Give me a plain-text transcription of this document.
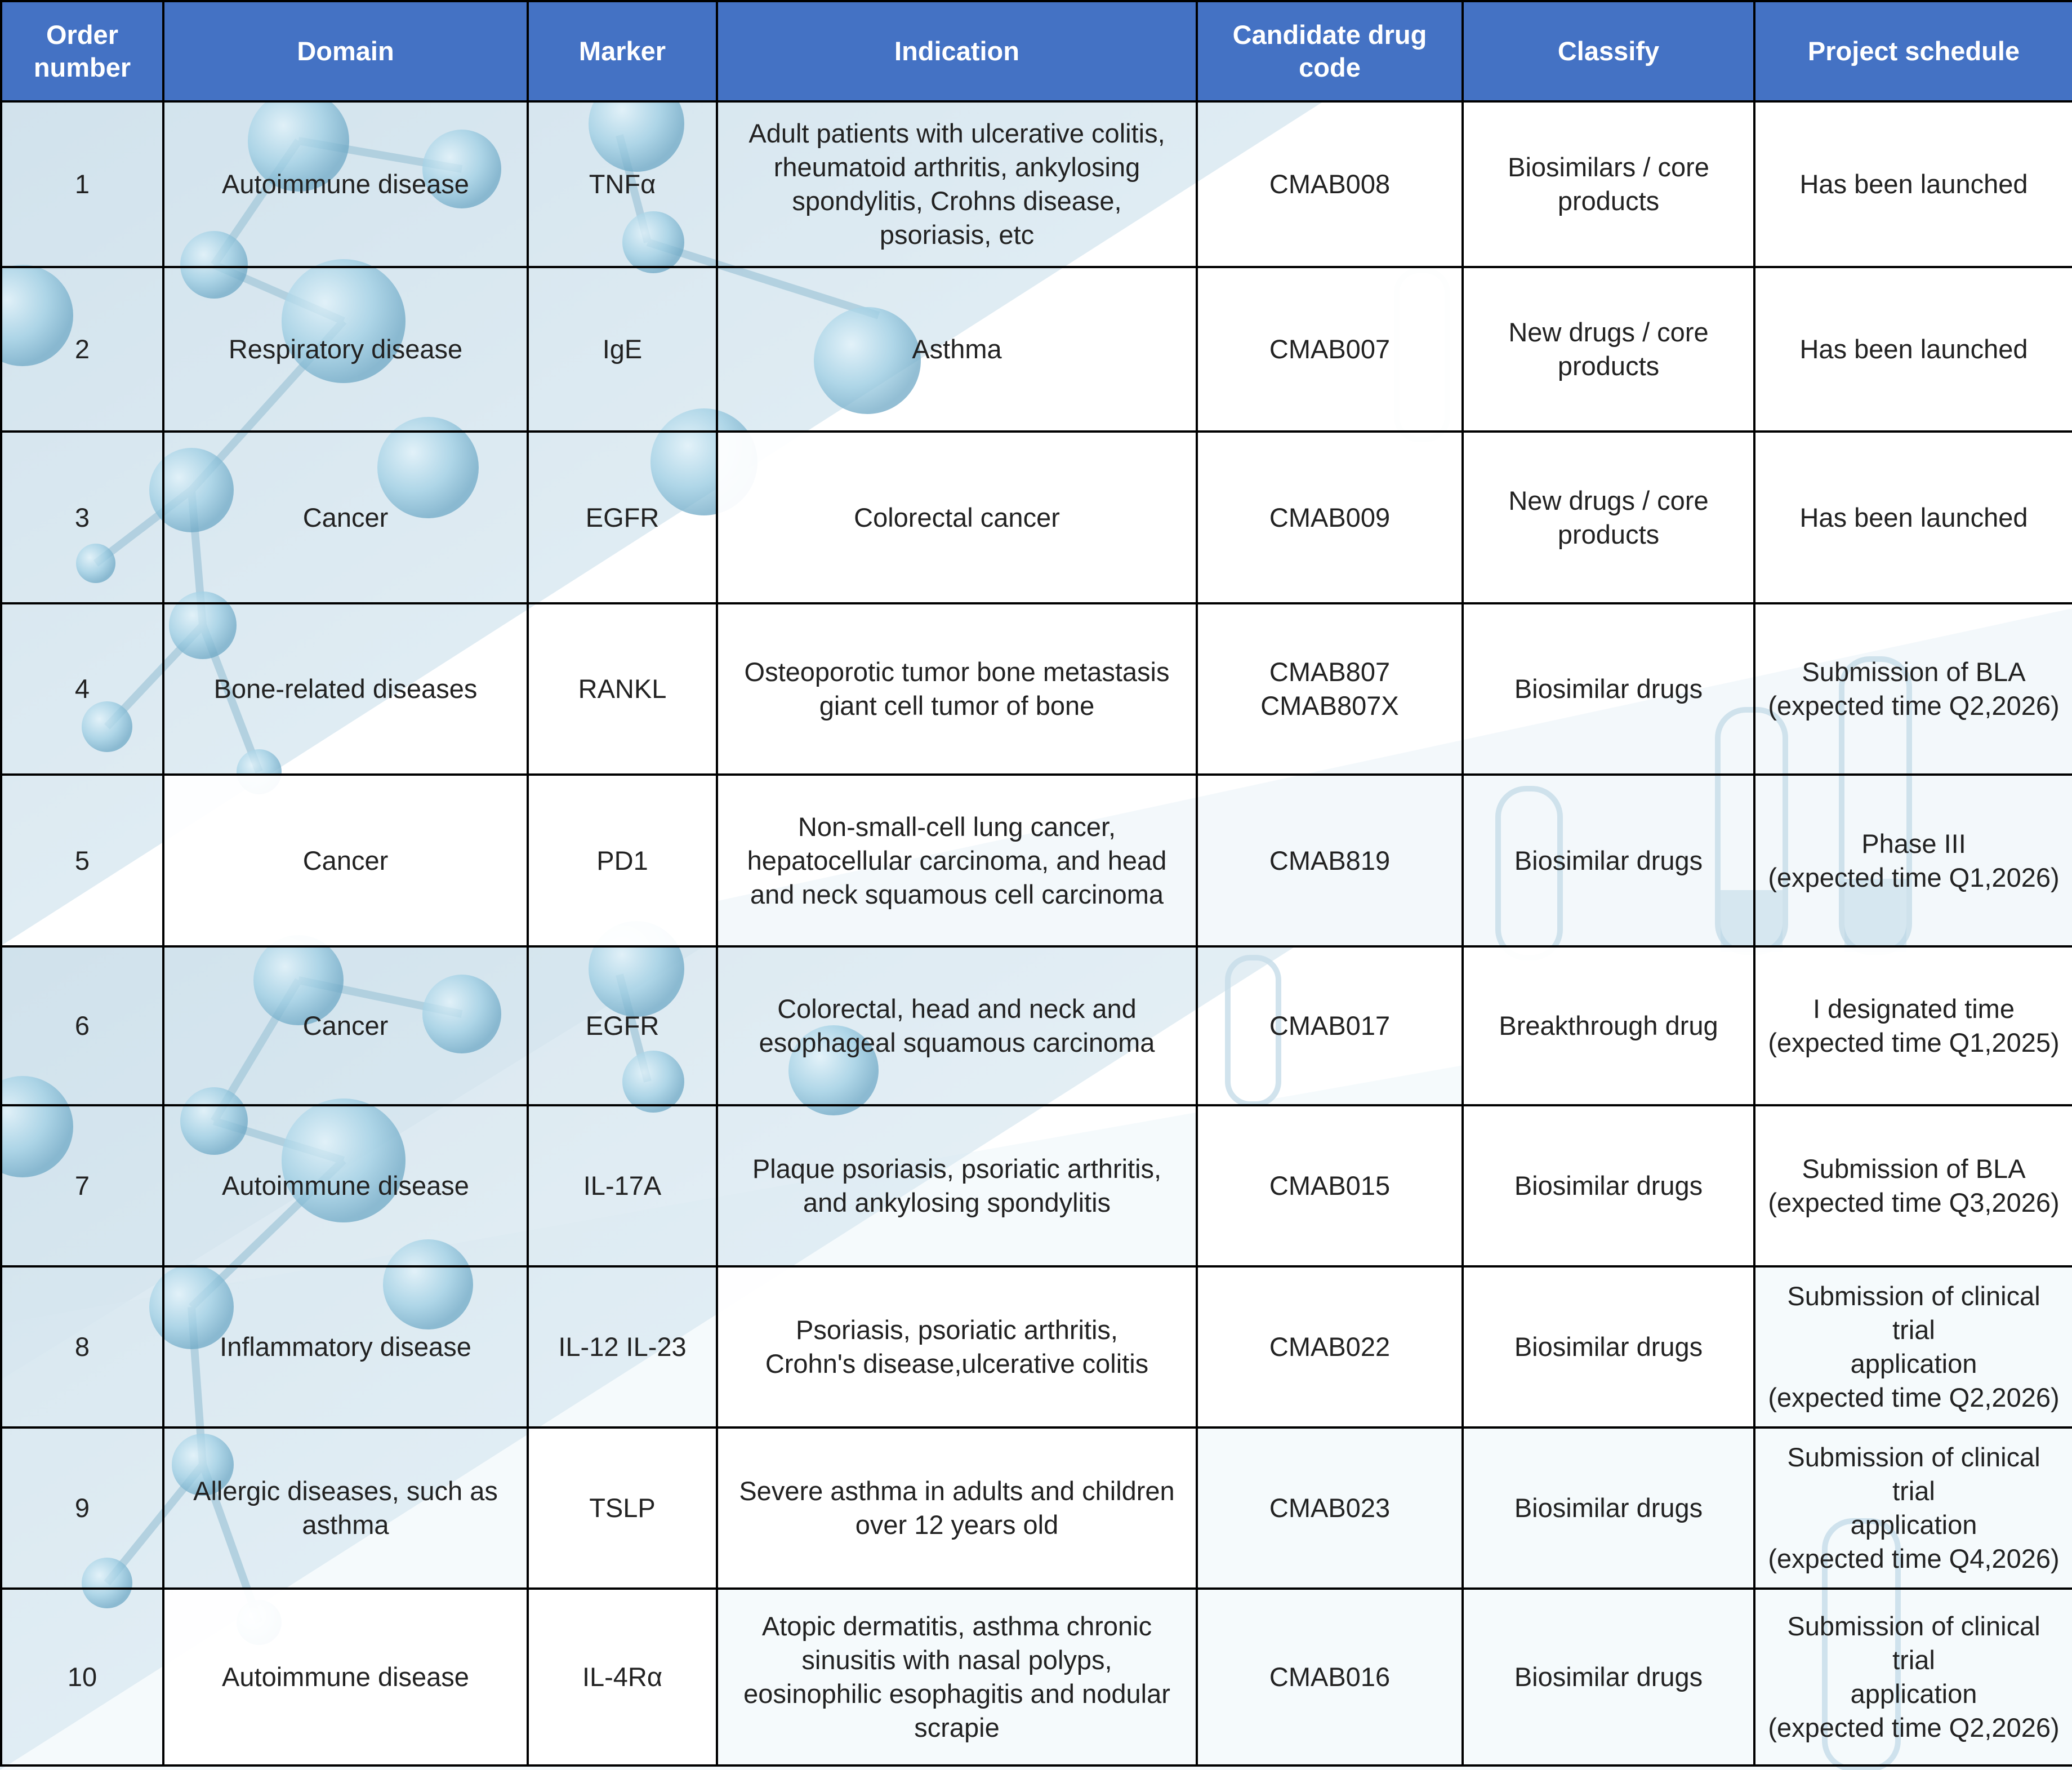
Order
number	Domain	Marker	Indication	Candidate drug
code	Classify	Project schedule
1	Autoimmune disease	TNFα	Adult patients with ulcerative colitis,
rheumatoid arthritis, ankylosing
spondylitis, Crohns disease,
psoriasis, etc	CMAB008	Biosimilars / core
products	Has been launched
2	Respiratory disease	IgE	Asthma	CMAB007	New drugs / core
products	Has been launched
3	Cancer	EGFR	Colorectal cancer	CMAB009	New drugs / core
products	Has been launched
4	Bone-related diseases	RANKL	Osteoporotic tumor bone metastasis
giant cell tumor of bone	CMAB807
CMAB807X	Biosimilar drugs	Submission of BLA
(expected time Q2,2026)
5	Cancer	PD1	Non-small-cell lung cancer,
hepatocellular carcinoma, and head
and neck squamous cell carcinoma	CMAB819	Biosimilar drugs	Phase III
(expected time Q1,2026)
6	Cancer	EGFR	Colorectal, head and neck and
esophageal squamous carcinoma	CMAB017	Breakthrough drug	I designated time
(expected time Q1,2025)
7	Autoimmune disease	IL-17A	Plaque psoriasis, psoriatic arthritis,
and ankylosing spondylitis	CMAB015	Biosimilar drugs	Submission of BLA
(expected time Q3,2026)
8	Inflammatory disease	IL-12 IL-23	Psoriasis, psoriatic arthritis,
Crohn's disease,ulcerative colitis	CMAB022	Biosimilar drugs	Submission of clinical trial
application
(expected time Q2,2026)
9	Allergic diseases, such as
asthma	TSLP	Severe asthma in adults and children
over 12 years old	CMAB023	Biosimilar drugs	Submission of clinical trial
application
(expected time Q4,2026)
10	Autoimmune disease	IL-4Rα	Atopic dermatitis, asthma chronic
sinusitis with nasal polyps,
eosinophilic esophagitis and nodular
scrapie	CMAB016	Biosimilar drugs	Submission of clinical trial
application
(expected time Q2,2026)
